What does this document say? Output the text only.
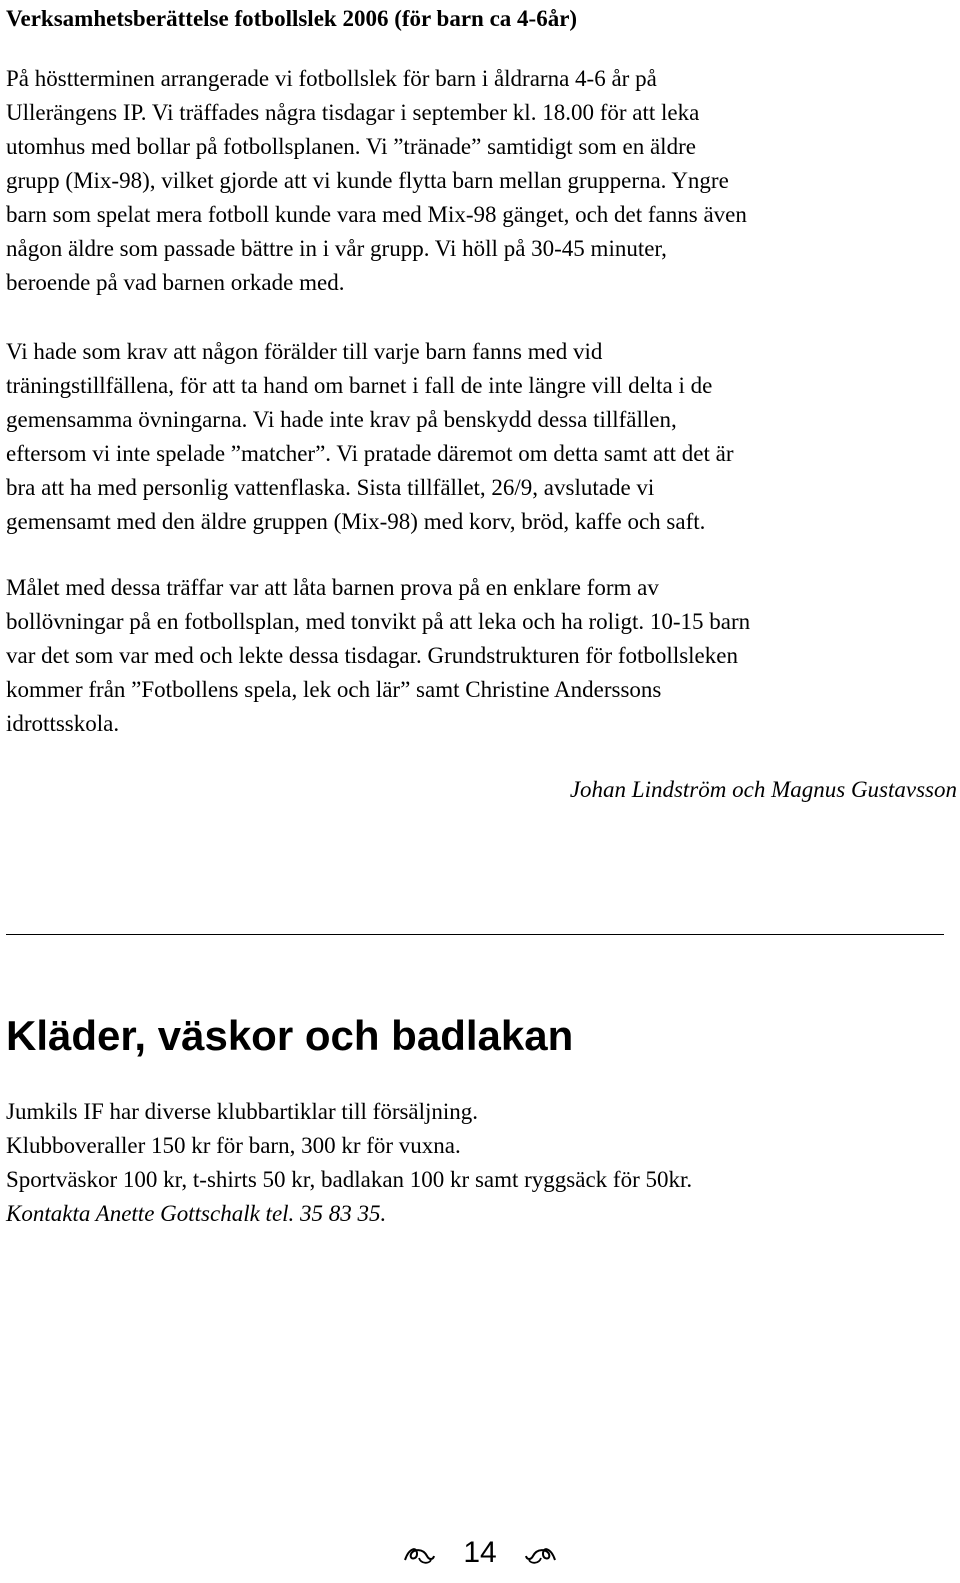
Verksamhetsberättelse fotbollslek 2006 (för barn ca 4-6år)

På höstterminen arrangerade vi fotbollslek för barn i åldrarna 4-6 år på
Ullerängens IP. Vi träffades några tisdagar i september kl. 18.00 för att leka
utomhus med bollar på fotbollsplanen. Vi ”tränade” samtidigt som en äldre
grupp (Mix-98), vilket gjorde att vi kunde flytta barn mellan grupperna. Yngre
barn som spelat mera fotboll kunde vara med Mix-98 gänget, och det fanns även
någon äldre som passade bättre in i vår grupp. Vi höll på 30-45 minuter,
beroende på vad barnen orkade med.

Vi hade som krav att någon förälder till varje barn fanns med vid
träningstillfällena, för att ta hand om barnet i fall de inte längre vill delta i de
gemensamma övningarna. Vi hade inte krav på benskydd dessa tillfällen,
eftersom vi inte spelade ”matcher”. Vi pratade däremot om detta samt att det är
bra att ha med personlig vattenflaska. Sista tillfället, 26/9, avslutade vi
gemensamt med den äldre gruppen (Mix-98) med korv, bröd, kaffe och saft.

Målet med dessa träffar var att låta barnen prova på en enklare form av
bollövningar på en fotbollsplan, med tonvikt på att leka och ha roligt. 10-15 barn
var det som var med och lekte dessa tisdagar. Grundstrukturen för fotbollsleken
kommer från ”Fotbollens spela, lek och lär” samt Christine Anderssons
idrottsskola.

Johan Lindström och Magnus Gustavsson
Kläder, väskor och badlakan
Jumkils IF har diverse klubbartiklar till försäljning.
Klubboveraller 150 kr för barn, 300 kr för vuxna.
Sportväskor 100 kr, t-shirts 50 kr, badlakan 100 kr samt ryggsäck för 50kr.
Kontakta Anette Gottschalk tel. 35 83 35.
14
